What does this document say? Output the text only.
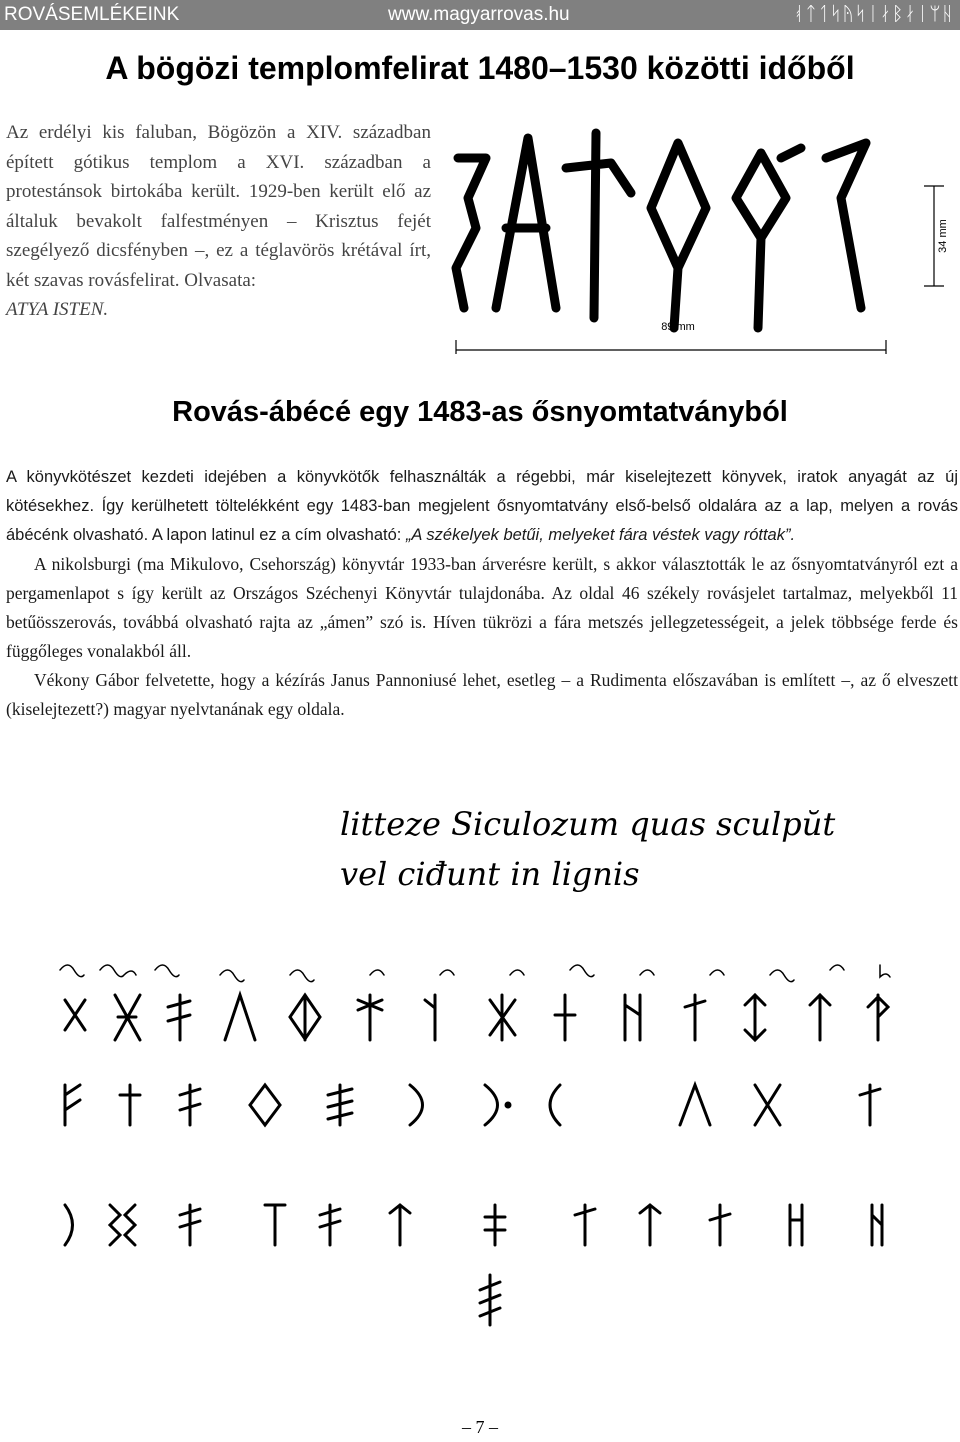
ROVÁSEMLÉKEINK	www.magyarrovas.hu	ᚮᛏᛐᛋᚤᛋᛁᛅᛒᛅᛁᛘᚺ
A bögözi templomfelirat 1480–1530 közötti időből
Az erdélyi kis faluban, Bögözön a XIV. században épített gótikus templom a XVI. században a protestánsok birtokába került. 1929-ben került elő az általuk bevakolt falfestményen – Krisztus fejét szegélyező dicsfényben –, ez a téglavörös krétával írt, két szavas rovásfelirat. Olvasata:
ATYA ISTEN.
34 mm
89 mm
Rovás-ábécé egy 1483-as ősnyomtatványból

A könyvkötészet kezdeti idejében a könyvkötők felhasználták a régebbi, már kiselejtezett könyvek, iratok anyagát az új kötésekhez. Így kerülhetett töltelékként egy 1483-ban megjelent ősnyomtatvány első-belső oldalára az a lap, melyen a rovás ábécénk olvasható. A lapon latinul ez a cím olvasható: „A székelyek betűi, melyeket fára véstek vagy róttak”.

A nikolsburgi (ma Mikulovo, Csehország) könyvtár 1933-ban árverésre került, s akkor választották le az ősnyomtatványról ezt a pergamenlapot s így került az Országos Széchenyi Könyvtár tulajdonába. Az oldal 46 székely rovásjelet tartalmaz, melyekből 11 betűösszerovás, továbbá olvasható rajta az „ámen” szó is. Híven tükrözi a fára metszés jellegzetességeit, a jelek többsége ferde és függőleges vonalakból áll.

Vékony Gábor felvetette, hogy a kézírás Janus Pannoniusé lehet, esetleg – a Rudimenta előszavában is említett –, az ő elveszett (kiselejtezett?) magyar nyelvtanának egy oldala.

litteze Siculozum quas sculpŭt
vel ciđunt in lignis
– 7 –
